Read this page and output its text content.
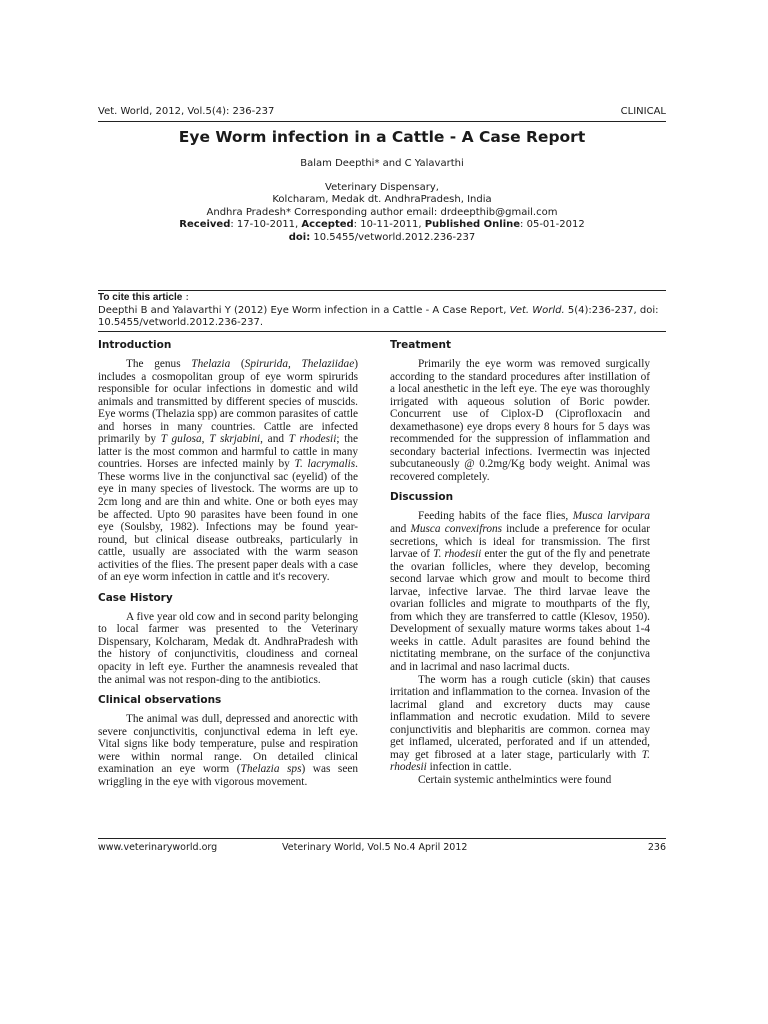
Vet. World, 2012, Vol.5(4): 236-237	CLINICAL
Eye Worm infection in a Cattle - A Case Report
Balam Deepthi* and C Yalavarthi
Veterinary Dispensary,
Kolcharam, Medak dt. AndhraPradesh, India
Andhra Pradesh* Corresponding author email: drdeepthib@gmail.com
Received: 17-10-2011, Accepted: 10-11-2011, Published Online: 05-01-2012
doi: 10.5455/vetworld.2012.236-237
To cite this article :
Deepthi B and Yalavarthi Y (2012) Eye Worm infection in a Cattle - A Case Report, Vet. World. 5(4):236-237, doi: 10.5455/vetworld.2012.236-237.
Introduction

The genus Thelazia (Spirurida, Thelaziidae) includes a cosmopolitan group of eye worm spirurids responsible for ocular infections in domestic and wild animals and transmitted by different species of muscids. Eye worms (Thelazia spp) are common parasites of cattle and horses in many countries. Cattle are infected primarily by T gulosa, T skrjabini, and T rhodesii; the latter is the most common and harmful to cattle in many countries. Horses are infected mainly by T. lacrymalis. These worms live in the conjunctival sac (eyelid) of the eye in many species of livestock. The worms are up to 2cm long and are thin and white. One or both eyes may be affected. Upto 90 parasites have been found in one eye (Soulsby, 1982). Infections may be found year-round, but clinical disease outbreaks, particularly in cattle, usually are associated with the warm season activities of the flies. The present paper deals with a case of an eye worm infection in cattle and it's recovery.

Case History

A five year old cow and in second parity belonging to local farmer was presented to the Veterinary Dispensary, Kolcharam, Medak dt. AndhraPradesh with the history of conjunctivitis, cloudiness and corneal opacity in left eye. Further the anamnesis revealed that the animal was not respon-ding to the antibiotics.

Clinical observations

The animal was dull, depressed and anorectic with severe conjunctivitis, conjunctival edema in left eye. Vital signs like body temperature, pulse and respiration were within normal range. On detailed clinical examination an eye worm (Thelazia sps) was seen wriggling in the eye with vigorous movement.

Treatment

Primarily the eye worm was removed surgically according to the standard procedures after instillation of a local anesthetic in the left eye. The eye was thoroughly irrigated with aqueous solution of Boric powder. Concurrent use of Ciplox-D (Ciprofloxacin and dexamethasone) eye drops every 8 hours for 5 days was recommended for the suppression of inflammation and secondary bacterial infections. Ivermectin was injected subcutaneously @ 0.2mg/Kg body weight. Animal was recovered completely.

Discussion

Feeding habits of the face flies, Musca larvipara and Musca convexifrons include a preference for ocular secretions, which is ideal for transmission. The first larvae of T. rhodesii enter the gut of the fly and penetrate the ovarian follicles, where they develop, becoming second larvae which grow and moult to become third larvae, infective larvae. The third larvae leave the ovarian follicles and migrate to mouthparts of the fly, from which they are transferred to cattle (Klesov, 1950). Development of sexually mature worms takes about 1-4 weeks in cattle. Adult parasites are found behind the nictitating membrane, on the surface of the conjunctiva and in lacrimal and naso lacrimal ducts.

The worm has a rough cuticle (skin) that causes irritation and inflammation to the cornea. Invasion of the lacrimal gland and excretory ducts may cause inflammation and necrotic exudation. Mild to severe conjunctivitis and blepharitis are common. cornea may get inflamed, ulcerated, perforated and if un attended, may get fibrosed at a later stage, particularly with T. rhodesii infection in cattle.

Certain systemic anthelmintics were found

www.veterinaryworld.org	Veterinary World, Vol.5 No.4 April 2012	236
